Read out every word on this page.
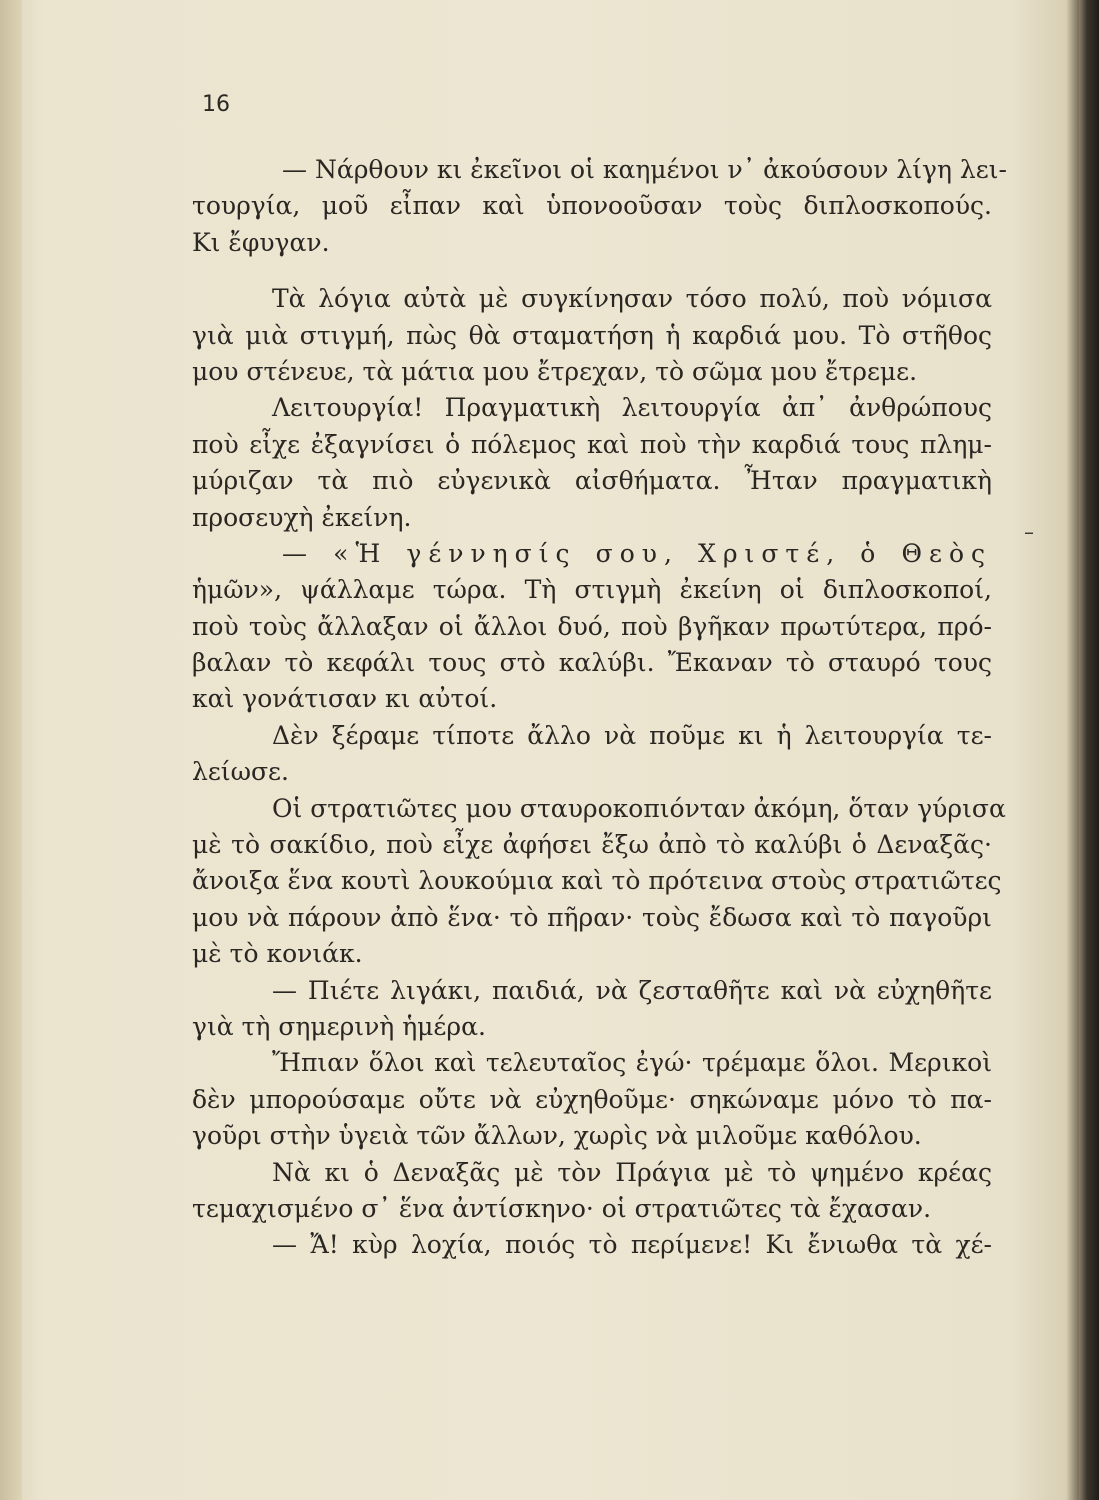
16

— Νάρθουν κι ἐκεῖνοι οἱ καημένοι ν᾽ ἀκούσουν λίγη λει-
τουργία, μοῦ εἶπαν καὶ ὑπονοοῦσαν τοὺς διπλοσκοπούς.
Κι ἔφυγαν.
Τὰ λόγια αὐτὰ μὲ συγκίνησαν τόσο πολύ, ποὺ νόμισα
γιὰ μιὰ στιγμή, πὼς θὰ σταματήση ἡ καρδιά μου. Τὸ στῆθος
μου στένευε, τὰ μάτια μου ἔτρεχαν, τὸ σῶμα μου ἔτρεμε.
Λειτουργία! Πραγματικὴ λειτουργία ἀπ᾽ ἀνθρώπους
ποὺ εἶχε ἐξαγνίσει ὁ πόλεμος καὶ ποὺ τὴν καρδιά τους πλημ-
μύριζαν τὰ πιὸ εὐγενικὰ αἰσθήματα. Ἦταν πραγματικὴ
προσευχὴ ἐκείνη.
— «Ἡ γέννησίς σου, Χριστέ, ὁ Θεὸς
ἡμῶν», ψάλλαμε τώρα. Τὴ στιγμὴ ἐκείνη οἱ διπλοσκοποί,
ποὺ τοὺς ἄλλαξαν οἱ ἄλλοι δυό, ποὺ βγῆκαν πρωτύτερα, πρό-
βαλαν τὸ κεφάλι τους στὸ καλύβι. Ἔκαναν τὸ σταυρό τους
καὶ γονάτισαν κι αὐτοί.
Δὲν ξέραμε τίποτε ἄλλο νὰ ποῦμε κι ἡ λειτουργία τε-
λείωσε.
Οἱ στρατιῶτες μου σταυροκοπιόνταν ἀκόμη, ὅταν γύρισα
μὲ τὸ σακίδιο, ποὺ εἶχε ἀφήσει ἔξω ἀπὸ τὸ καλύβι ὁ Δεναξᾶς·
ἄνοιξα ἕνα κουτὶ λουκούμια καὶ τὸ πρότεινα στοὺς στρατιῶτες
μου νὰ πάρουν ἀπὸ ἕνα· τὸ πῆραν· τοὺς ἔδωσα καὶ τὸ παγοῦρι
μὲ τὸ κονιάκ.
— Πιέτε λιγάκι, παιδιά, νὰ ζεσταθῆτε καὶ νὰ εὐχηθῆτε
γιὰ τὴ σημερινὴ ἡμέρα.
Ἤπιαν ὅλοι καὶ τελευταῖος ἐγώ· τρέμαμε ὅλοι. Μερικοὶ
δὲν μπορούσαμε οὔτε νὰ εὐχηθοῦμε· σηκώναμε μόνο τὸ πα-
γοῦρι στὴν ὑγειὰ τῶν ἄλλων, χωρὶς νὰ μιλοῦμε καθόλου.
Νὰ κι ὁ Δεναξᾶς μὲ τὸν Πράγια μὲ τὸ ψημένο κρέας
τεμαχισμένο σ᾽ ἕνα ἀντίσκηνο· οἱ στρατιῶτες τὰ ἔχασαν.
— Ἄ! κὺρ λοχία, ποιός τὸ περίμενε! Κι ἔνιωθα τὰ χέ-
–
